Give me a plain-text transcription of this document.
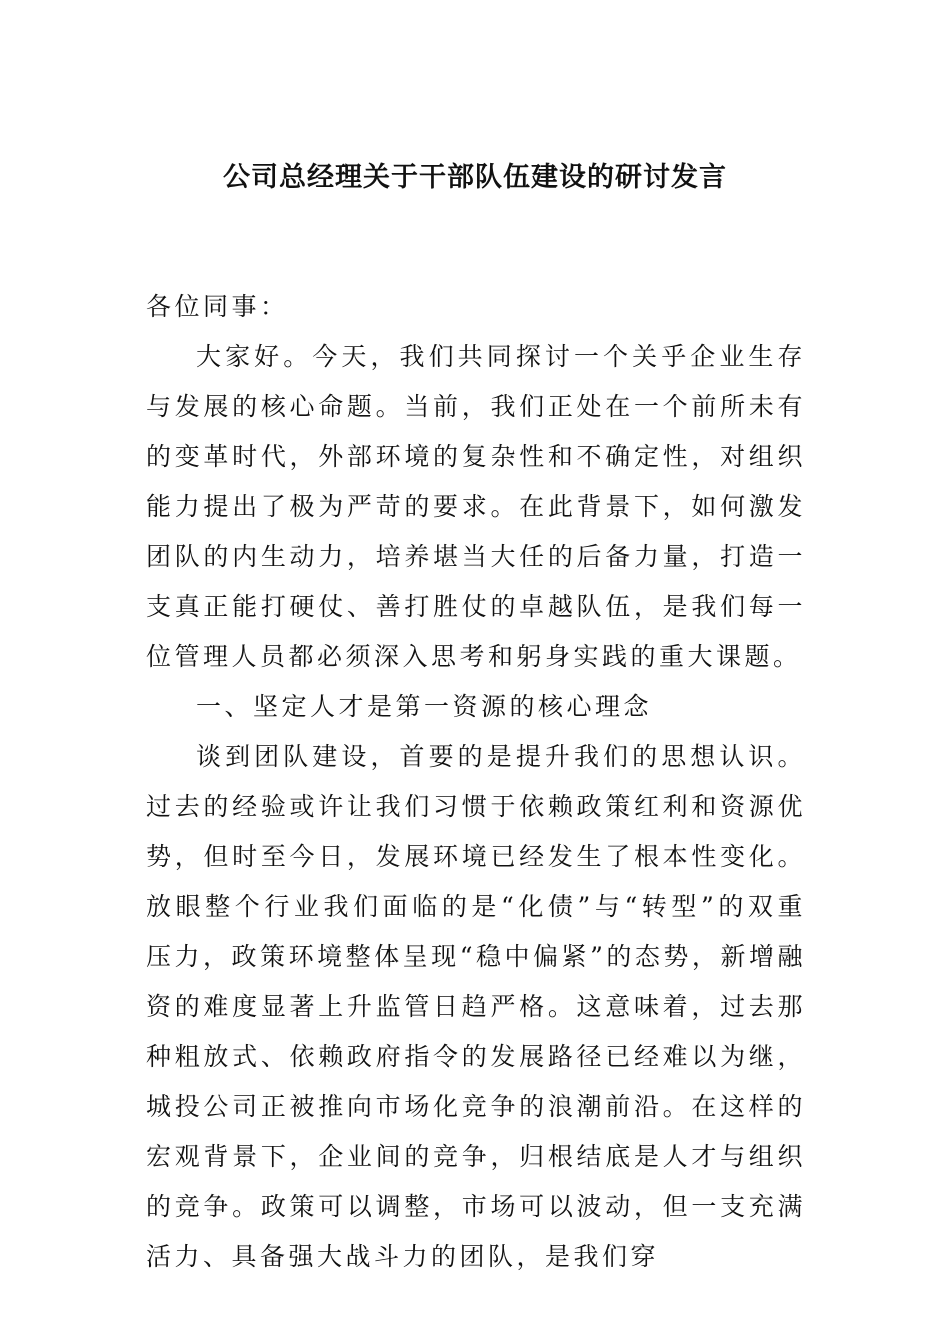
公司总经理关于干部队伍建设的研讨发言

各位同事：

大家好。今天，我们共同探讨一个关乎企业生存与发展的核心命题。当前，我们正处在一个前所未有的变革时代，外部环境的复杂性和不确定性，对组织能力提出了极为严苛的要求。在此背景下，如何激发团队的内生动力，培养堪当大任的后备力量，打造一支真正能打硬仗、善打胜仗的卓越队伍，是我们每一位管理人员都必须深入思考和躬身实践的重大课题。

一、坚定人才是第一资源的核心理念

谈到团队建设，首要的是提升我们的思想认识。过去的经验或许让我们习惯于依赖政策红利和资源优势，但时至今日，发展环境已经发生了根本性变化。放眼整个行业我们面临的是“化债”与“转型”的双重压力，政策环境整体呈现“稳中偏紧”的态势，新增融资的难度显著上升监管日趋严格。这意味着，过去那种粗放式、依赖政府指令的发展路径已经难以为继，城投公司正被推向市场化竞争的浪潮前沿。在这样的宏观背景下，企业间的竞争，归根结底是人才与组织的竞争。政策可以调整，市场可以波动，但一支充满活力、具备强大战斗力的团队，是我们穿
